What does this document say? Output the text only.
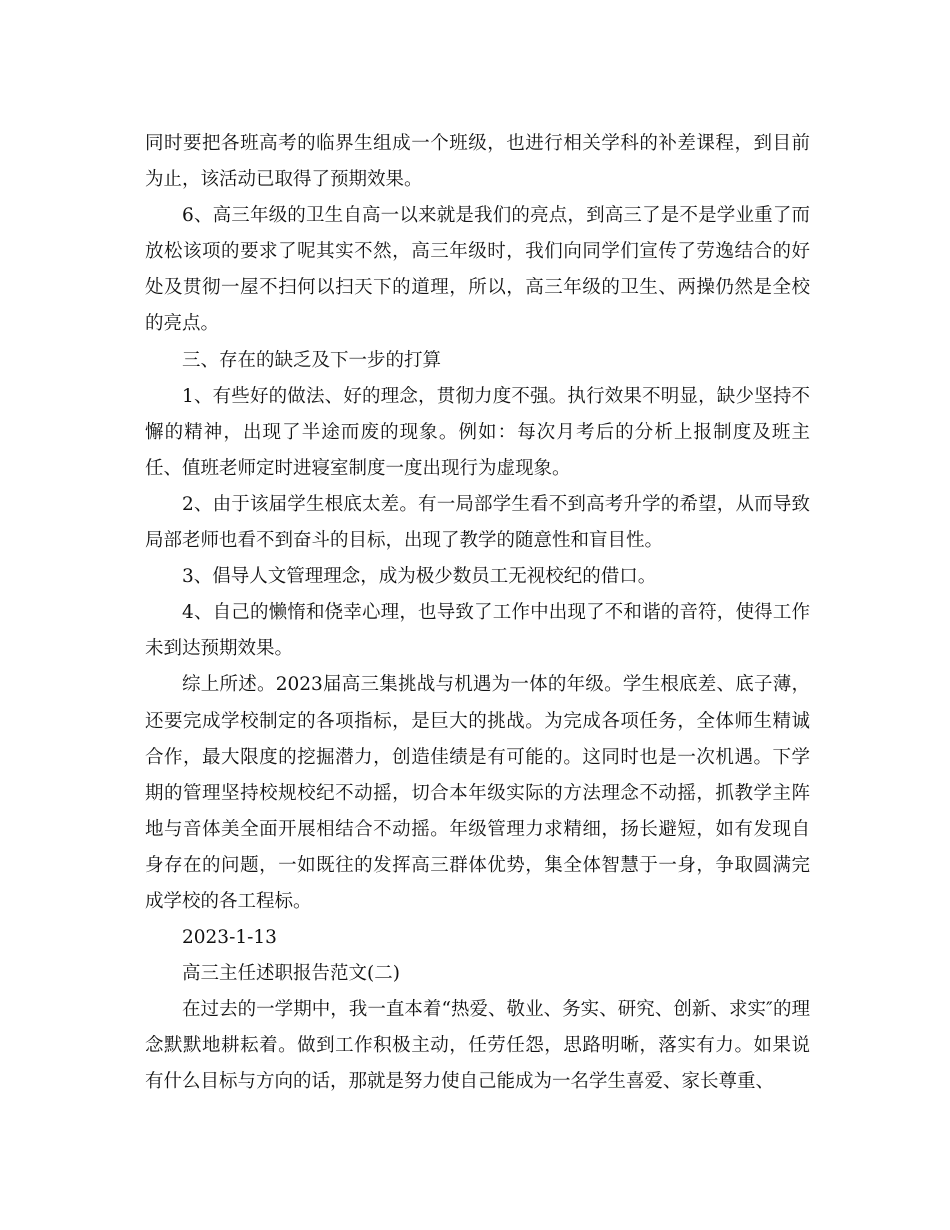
同时要把各班高考的临界生组成一个班级，也进行相关学科的补差课程，到目前为止，该活动已取得了预期效果。

6、高三年级的卫生自高一以来就是我们的亮点，到高三了是不是学业重了而放松该项的要求了呢其实不然，高三年级时，我们向同学们宣传了劳逸结合的好处及贯彻一屋不扫何以扫天下的道理，所以，高三年级的卫生、两操仍然是全校的亮点。

三、存在的缺乏及下一步的打算

1、有些好的做法、好的理念，贯彻力度不强。执行效果不明显，缺少坚持不懈的精神，出现了半途而废的现象。例如：每次月考后的分析上报制度及班主任、值班老师定时进寝室制度一度出现行为虚现象。

2、由于该届学生根底太差。有一局部学生看不到高考升学的希望，从而导致局部老师也看不到奋斗的目标，出现了教学的随意性和盲目性。

3、倡导人文管理理念，成为极少数员工无视校纪的借口。

4、自己的懒惰和侥幸心理，也导致了工作中出现了不和谐的音符，使得工作未到达预期效果。

综上所述。2023届高三集挑战与机遇为一体的年级。学生根底差、底子薄，还要完成学校制定的各项指标，是巨大的挑战。为完成各项任务，全体师生精诚合作，最大限度的挖掘潜力，创造佳绩是有可能的。这同时也是一次机遇。下学期的管理坚持校规校纪不动摇，切合本年级实际的方法理念不动摇，抓教学主阵地与音体美全面开展相结合不动摇。年级管理力求精细，扬长避短，如有发现自身存在的问题，一如既往的发挥高三群体优势，集全体智慧于一身，争取圆满完成学校的各工程标。

2023-1-13

高三主任述职报告范文(二)

在过去的一学期中，我一直本着“热爱、敬业、务实、研究、创新、求实″的理念默默地耕耘着。做到工作积极主动，任劳任怨，思路明晰，落实有力。如果说有什么目标与方向的话，那就是努力使自己能成为一名学生喜爱、家长尊重、
